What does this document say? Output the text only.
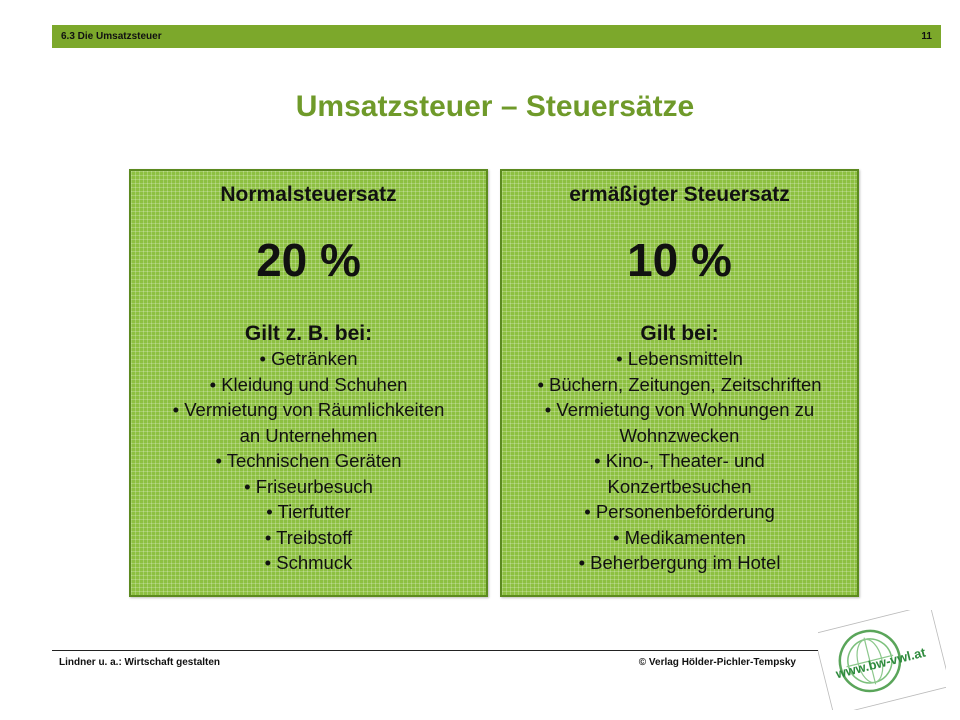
6.3 Die Umsatzsteuer	11
Umsatzsteuer – Steuersätze
Normalsteuersatz
20 %
Gilt z. B. bei:
• Getränken
• Kleidung und Schuhen
• Vermietung von Räumlichkeiten
an Unternehmen
• Technischen Geräten
• Friseurbesuch
• Tierfutter
• Treibstoff
• Schmuck
ermäßigter Steuersatz
10 %
Gilt bei:
• Lebensmitteln
• Büchern, Zeitungen, Zeitschriften
• Vermietung von Wohnungen zu
Wohnzwecken
• Kino-, Theater- und
Konzertbesuchen
• Personenbeförderung
• Medikamenten
• Beherbergung im Hotel
Lindner u. a.: Wirtschaft gestalten	© Verlag Hölder-Pichler-Tempsky	www.bw-vwl.at
